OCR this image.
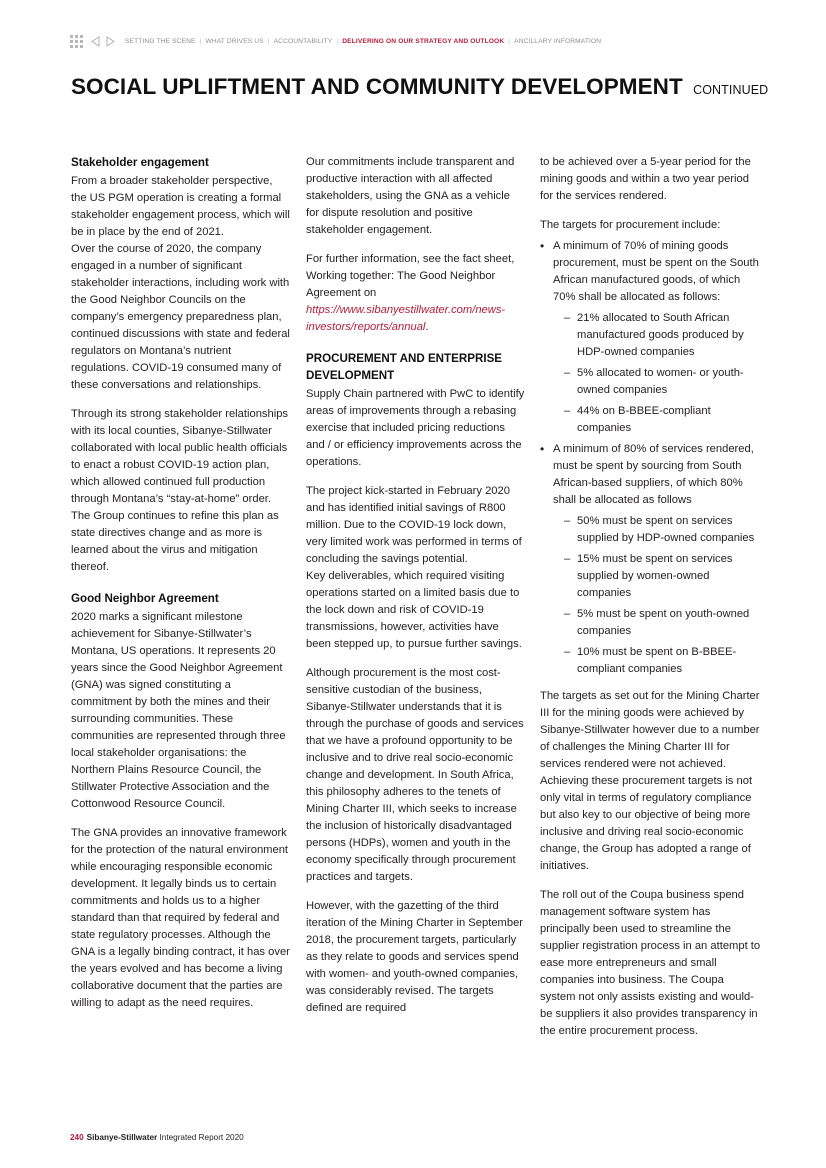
SETTING THE SCENE | WHAT DRIVES US | ACCOUNTABILITY | DELIVERING ON OUR STRATEGY AND OUTLOOK | ANCILLARY INFORMATION
SOCIAL UPLIFTMENT AND COMMUNITY DEVELOPMENT CONTINUED
Stakeholder engagement

From a broader stakeholder perspective, the US PGM operation is creating a formal stakeholder engagement process, which will be in place by the end of 2021.
Over the course of 2020, the company engaged in a number of significant stakeholder interactions, including work with the Good Neighbor Councils on the company’s emergency preparedness plan, continued discussions with state and federal regulators on Montana’s nutrient regulations. COVID-19 consumed many of these conversations and relationships.

Through its strong stakeholder relationships with its local counties, Sibanye-Stillwater collaborated with local public health officials to enact a robust COVID-19 action plan, which allowed continued full production through Montana’s “stay-at-home” order. The Group continues to refine this plan as state directives change and as more is learned about the virus and mitigation thereof.

Good Neighbor Agreement

2020 marks a significant milestone achievement for Sibanye-Stillwater’s Montana, US operations. It represents 20 years since the Good Neighbor Agreement (GNA) was signed constituting a commitment by both the mines and their surrounding communities. These communities are represented through three local stakeholder organisations: the Northern Plains Resource Council, the Stillwater Protective Association and the Cottonwood Resource Council.

The GNA provides an innovative framework for the protection of the natural environment while encouraging responsible economic development. It legally binds us to certain commitments and holds us to a higher standard than that required by federal and state regulatory processes. Although the GNA is a legally binding contract, it has over the years evolved and has become a living collaborative document that the parties are willing to adapt as the need requires.

Our commitments include transparent and productive interaction with all affected stakeholders, using the GNA as a vehicle for dispute resolution and positive stakeholder engagement.

For further information, see the fact sheet, Working together: The Good Neighbor Agreement on https://www.sibanyestillwater.com/news-investors/reports/annual.

PROCUREMENT AND ENTERPRISE DEVELOPMENT

Supply Chain partnered with PwC to identify areas of improvements through a rebasing exercise that included pricing reductions and / or efficiency improvements across the operations.

The project kick-started in February 2020 and has identified initial savings of R800 million. Due to the COVID-19 lock down, very limited work was performed in terms of concluding the savings potential.
Key deliverables, which required visiting operations started on a limited basis due to the lock down and risk of COVID-19 transmissions, however, activities have been stepped up, to pursue further savings.

Although procurement is the most cost-sensitive custodian of the business, Sibanye-Stillwater understands that it is through the purchase of goods and services that we have a profound opportunity to be inclusive and to drive real socio-economic change and development. In South Africa, this philosophy adheres to the tenets of Mining Charter III, which seeks to increase the inclusion of historically disadvantaged persons (HDPs), women and youth in the economy specifically through procurement practices and targets.

However, with the gazetting of the third iteration of the Mining Charter in September 2018, the procurement targets, particularly as they relate to goods and services spend with women- and youth-owned companies, was considerably revised. The targets defined are required

to be achieved over a 5-year period for the mining goods and within a two year period for the services rendered.

The targets for procurement include:

• A minimum of 70% of mining goods procurement, must be spent on the South African manufactured goods, of which 70% shall be allocated as follows:
– 21% allocated to South African manufactured goods produced by HDP-owned companies
– 5% allocated to women- or youth-owned companies
– 44% on B-BBEE-compliant companies
• A minimum of 80% of services rendered, must be spent by sourcing from South African-based suppliers, of which 80% shall be allocated as follows
– 50% must be spent on services supplied by HDP-owned companies
– 15% must be spent on services supplied by women-owned companies
– 5% must be spent on youth-owned companies
– 10% must be spent on B-BBEE-compliant companies

The targets as set out for the Mining Charter III for the mining goods were achieved by Sibanye-Stillwater however due to a number of challenges the Mining Charter III for services rendered were not achieved. Achieving these procurement targets is not only vital in terms of regulatory compliance but also key to our objective of being more inclusive and driving real socio-economic change, the Group has adopted a range of initiatives.

The roll out of the Coupa business spend management software system has principally been used to streamline the supplier registration process in an attempt to ease more entrepreneurs and small companies into business. The Coupa system not only assists existing and would-be suppliers it also provides transparency in the entire procurement process.

240 Sibanye-Stillwater Integrated Report 2020
